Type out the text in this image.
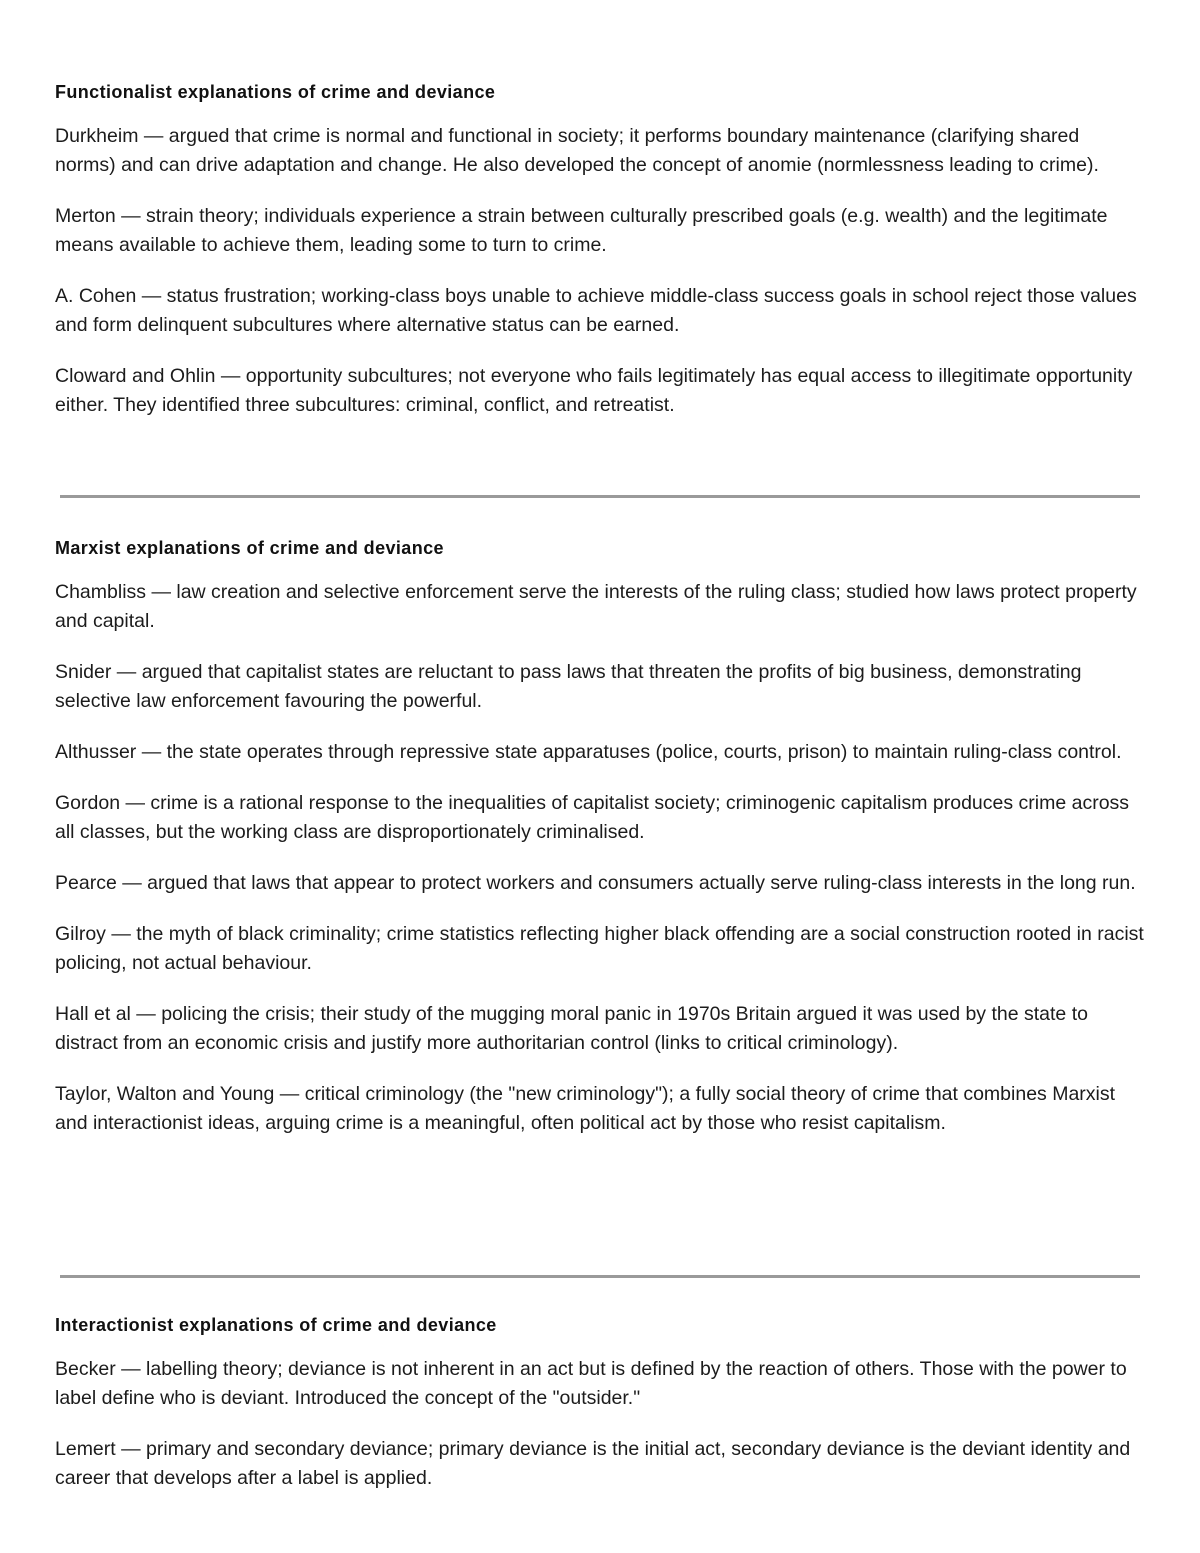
Functionalist explanations of crime and deviance

Durkheim — argued that crime is normal and functional in society; it performs boundary maintenance (clarifying shared norms) and can drive adaptation and change. He also developed the concept of anomie (normlessness leading to crime).

Merton — strain theory; individuals experience a strain between culturally prescribed goals (e.g. wealth) and the legitimate means available to achieve them, leading some to turn to crime.

A. Cohen — status frustration; working-class boys unable to achieve middle-class success goals in school reject those values and form delinquent subcultures where alternative status can be earned.

Cloward and Ohlin — opportunity subcultures; not everyone who fails legitimately has equal access to illegitimate opportunity either. They identified three subcultures: criminal, conflict, and retreatist.

Marxist explanations of crime and deviance

Chambliss — law creation and selective enforcement serve the interests of the ruling class; studied how laws protect property and capital.

Snider — argued that capitalist states are reluctant to pass laws that threaten the profits of big business, demonstrating selective law enforcement favouring the powerful.

Althusser — the state operates through repressive state apparatuses (police, courts, prison) to maintain ruling-class control.

Gordon — crime is a rational response to the inequalities of capitalist society; criminogenic capitalism produces crime across all classes, but the working class are disproportionately criminalised.

Pearce — argued that laws that appear to protect workers and consumers actually serve ruling-class interests in the long run.

Gilroy — the myth of black criminality; crime statistics reflecting higher black offending are a social construction rooted in racist policing, not actual behaviour.

Hall et al — policing the crisis; their study of the mugging moral panic in 1970s Britain argued it was used by the state to distract from an economic crisis and justify more authoritarian control (links to critical criminology).

Taylor, Walton and Young — critical criminology (the "new criminology"); a fully social theory of crime that combines Marxist and interactionist ideas, arguing crime is a meaningful, often political act by those who resist capitalism.

Interactionist explanations of crime and deviance

Becker — labelling theory; deviance is not inherent in an act but is defined by the reaction of others. Those with the power to label define who is deviant. Introduced the concept of the "outsider."

Lemert — primary and secondary deviance; primary deviance is the initial act, secondary deviance is the deviant identity and career that develops after a label is applied.
